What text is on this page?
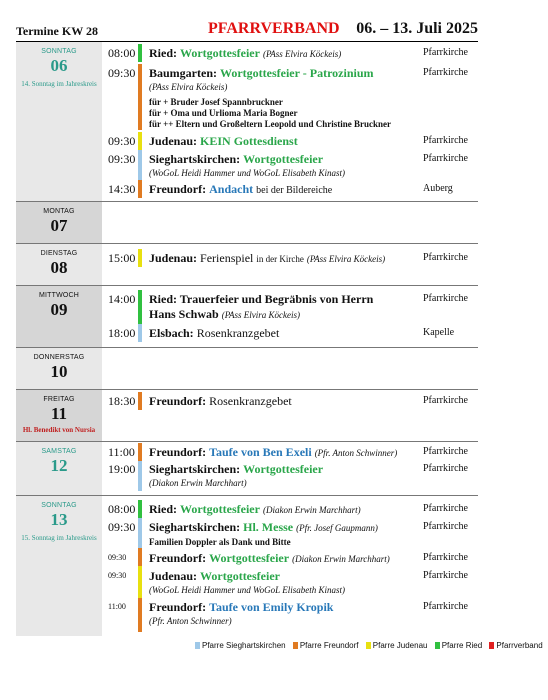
Termine KW 28	PFARRVERBAND 06. – 13. Juli 2025
SONNTAG
06
14. Sonntag im Jahreskreis
08:00 Ried: Wortgottesfeier (PAss Elvira Köckeis)	Pfarrkirche
09:30 Baumgarten: Wortgottesfeier - Patrozinium
(PAss Elvira Köckeis)
für + Bruder Josef Spannbruckner
für + Oma und Urlioma Maria Bogner
für ++ Eltern und Großeltern Leopold und Christine Bruckner
Pfarrkirche
09:30 Judenau: KEIN Gottesdienst	Pfarrkirche
09:30 Sieghartskirchen: Wortgottesfeier
(WoGoL Heidi Hammer und WoGoL Elisabeth Kinast)
Pfarrkirche
14:30 Freundorf: Andacht bei der Bildereiche	Auberg
MONTAG
07
DIENSTAG
08	15:00 Judenau: Ferienspiel in der Kirche (PAss Elvira Köckeis)	Pfarrkirche
MITTWOCH
09
14:00 Ried: Trauerfeier und Begräbnis von Herrn
Hans Schwab (PAss Elvira Köckeis)
Pfarrkirche
18:00 Elsbach: Rosenkranzgebet	Kapelle
DONNERSTAG
10
FREITAG
11
Hl. Benedikt von Nursia
18:30 Freundorf: Rosenkranzgebet	Pfarrkirche
SAMSTAG
12
11:00 Freundorf: Taufe von Ben Exeli (Pfr. Anton Schwinner)	Pfarrkirche
19:00 Sieghartskirchen: Wortgottesfeier
(Diakon Erwin Marchhart)
Pfarrkirche
SONNTAG
13
15. Sonntag im Jahreskreis
08:00 Ried: Wortgottesfeier (Diakon Erwin Marchhart)	Pfarrkirche
09:30 Sieghartskirchen: Hl. Messe (Pfr. Josef Gaupmann)
Familien Doppler als Dank und Bitte
Pfarrkirche
09:30 Freundorf: Wortgottesfeier (Diakon Erwin Marchhart)	Pfarrkirche
09:30 Judenau: Wortgottesfeier
(WoGoL Heidi Hammer und WoGoL Elisabeth Kinast)
Pfarrkirche
11:00 Freundorf: Taufe von Emily Kropik
(Pfr. Anton Schwinner)
Pfarrkirche
Pfarre Sieghartskirchen Pfarre Freundorf Pfarre Judenau Pfarre Ried Pfarrverband
